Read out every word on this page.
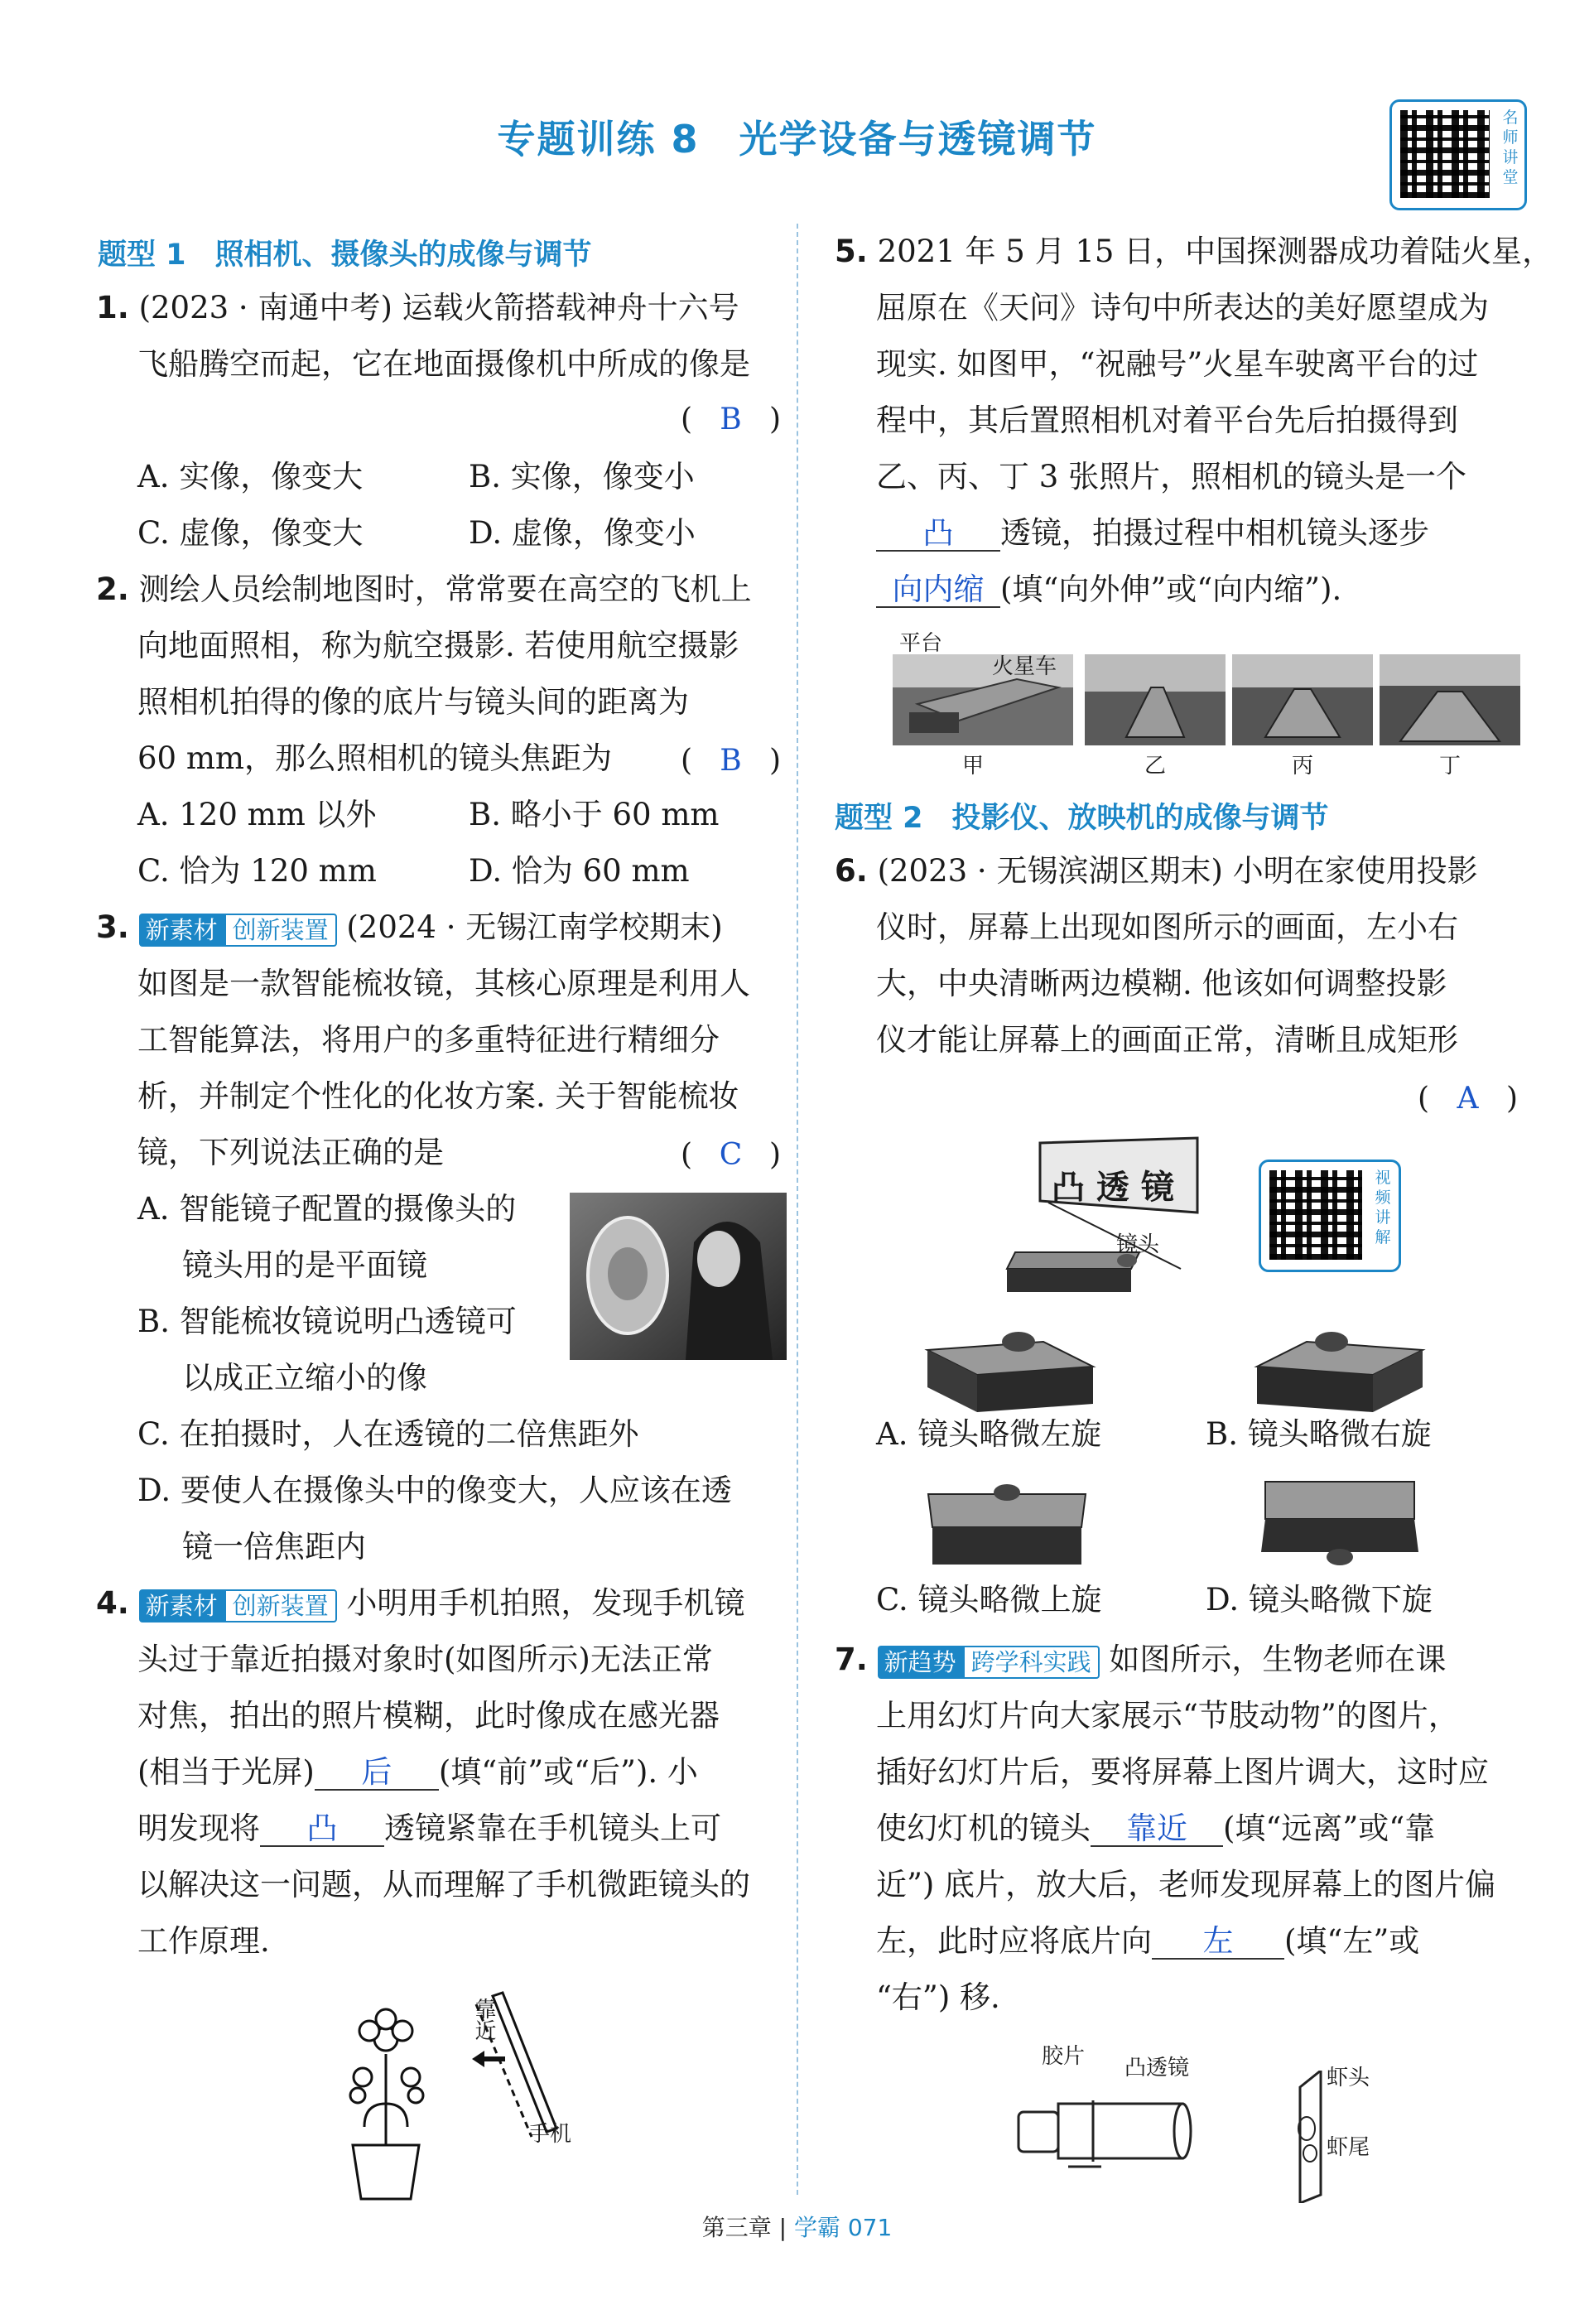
专题训练 8　光学设备与透镜调节	名
师
讲
堂
题型 1　照相机、摄像头的成像与调节
1. (2023 · 南通中考) 运载火箭搭载神舟十六号
飞船腾空而起，它在地面摄像机中所成的像是
( B )
A. 实像，像变大	B. 实像，像变小
C. 虚像，像变大	D. 虚像，像变小
2. 测绘人员绘制地图时，常常要在高空的飞机上
向地面照相，称为航空摄影. 若使用航空摄影
照相机拍得的像的底片与镜头间的距离为
60 mm，那么照相机的镜头焦距为 ( B )
A. 120 mm 以外	B. 略小于 60 mm
C. 恰为 120 mm	D. 恰为 60 mm
3. 新素材 创新装置 (2024 · 无锡江南学校期末)
如图是一款智能梳妆镜，其核心原理是利用人
工智能算法，将用户的多重特征进行精细分
析，并制定个性化的化妆方案. 关于智能梳妆
镜，下列说法正确的是	( C )
A. 智能镜子配置的摄像头的
镜头用的是平面镜
B. 智能梳妆镜说明凸透镜可
以成正立缩小的像
C. 在拍摄时，人在透镜的二倍焦距外
D. 要使人在摄像头中的像变大，人应该在透
镜一倍焦距内
4. 新素材 创新装置 小明用手机拍照，发现手机镜
头过于靠近拍摄对象时(如图所示)无法正常
对焦，拍出的照片模糊，此时像成在感光器
(相当于光屏) 后 (填“前”或“后”). 小
明发现将 凸 透镜紧靠在手机镜头上可
以解决这一问题，从而理解了手机微距镜头的
工作原理.
靠近
手机
5. 2021 年 5 月 15 日，中国探测器成功着陆火星，
屈原在《天问》诗句中所表达的美好愿望成为
现实. 如图甲，“祝融号”火星车驶离平台的过
程中，其后置照相机对着平台先后拍摄得到
乙、丙、丁 3 张照片，照相机的镜头是一个
凸 透镜，拍摄过程中相机镜头逐步
向内缩 (填“向外伸”或“向内缩”).
平台
火星车
甲	乙	丙	丁
题型 2　投影仪、放映机的成像与调节
6. (2023 · 无锡滨湖区期末) 小明在家使用投影
仪时，屏幕上出现如图所示的画面，左小右
大，中央清晰两边模糊. 他该如何调整投影
仪才能让屏幕上的画面正常，清晰且成矩形
( A )
凸 透 镜
镜头
视
频
讲
解
A. 镜头略微左旋	B. 镜头略微右旋
C. 镜头略微上旋	D. 镜头略微下旋
7. 新趋势 跨学科实践 如图所示，生物老师在课
上用幻灯片向大家展示“节肢动物”的图片，
插好幻灯片后，要将屏幕上图片调大，这时应
使幻灯机的镜头 靠近 (填“远离”或“靠
近”) 底片，放大后，老师发现屏幕上的图片偏
左，此时应将底片向 左 (填“左”或
“右”) 移.
胶片 凸透镜	虾头
虾尾
第三章 | 学霸 071
